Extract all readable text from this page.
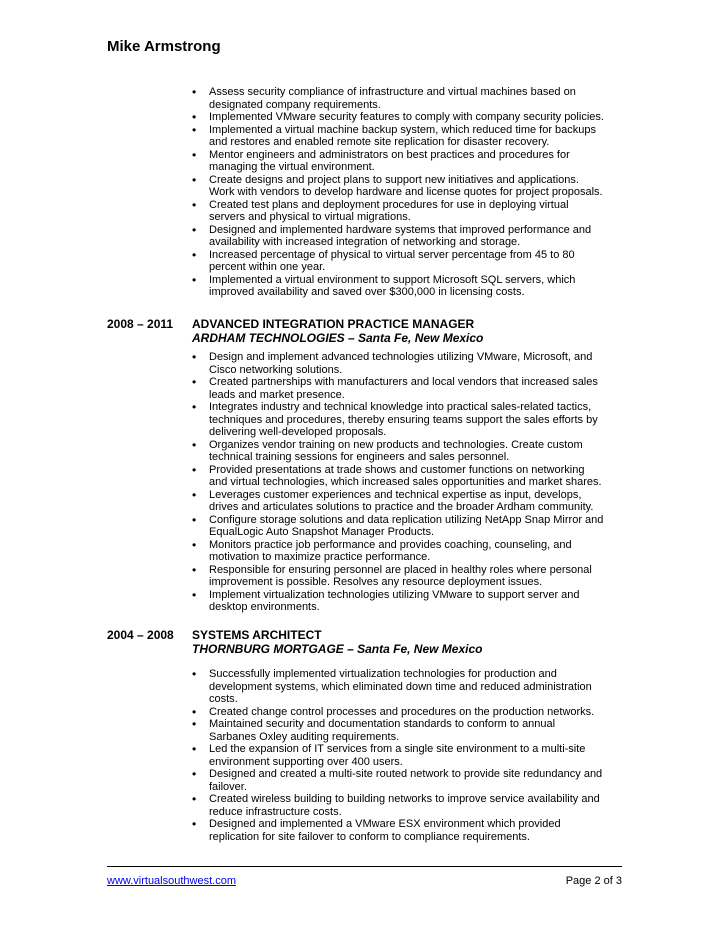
Mike Armstrong
• Assess security compliance of infrastructure and virtual machines based on designated company requirements.
• Implemented VMware security features to comply with company security policies.
• Implemented a virtual machine backup system, which reduced time for backups and restores and enabled remote site replication for disaster recovery.
• Mentor engineers and administrators on best practices and procedures for managing the virtual environment.
• Create designs and project plans to support new initiatives and applications. Work with vendors to develop hardware and license quotes for project proposals.
• Created test plans and deployment procedures for use in deploying virtual servers and physical to virtual migrations.
• Designed and implemented hardware systems that improved performance and availability with increased integration of networking and storage.
• Increased percentage of physical to virtual server percentage from 45 to 80 percent within one year.
• Implemented a virtual environment to support Microsoft SQL servers, which improved availability and saved over $300,000 in licensing costs.
2008 – 2011 ADVANCED INTEGRATION PRACTICE MANAGER
ARDHAM TECHNOLOGIES – Santa Fe, New Mexico
• Design and implement advanced technologies utilizing VMware, Microsoft, and Cisco networking solutions.
• Created partnerships with manufacturers and local vendors that increased sales leads and market presence.
• Integrates industry and technical knowledge into practical sales-related tactics, techniques and procedures, thereby ensuring teams support the sales efforts by delivering well-developed proposals.
• Organizes vendor training on new products and technologies. Create custom technical training sessions for engineers and sales personnel.
• Provided presentations at trade shows and customer functions on networking and virtual technologies, which increased sales opportunities and market shares.
• Leverages customer experiences and technical expertise as input, develops, drives and articulates solutions to practice and the broader Ardham community.
• Configure storage solutions and data replication utilizing NetApp Snap Mirror and EqualLogic Auto Snapshot Manager Products.
• Monitors practice job performance and provides coaching, counseling, and motivation to maximize practice performance.
• Responsible for ensuring personnel are placed in healthy roles where personal improvement is possible. Resolves any resource deployment issues.
• Implement virtualization technologies utilizing VMware to support server and desktop environments.
2004 – 2008 SYSTEMS ARCHITECT
THORNBURG MORTGAGE – Santa Fe, New Mexico
• Successfully implemented virtualization technologies for production and development systems, which eliminated down time and reduced administration costs.
• Created change control processes and procedures on the production networks.
• Maintained security and documentation standards to conform to annual Sarbanes Oxley auditing requirements.
• Led the expansion of IT services from a single site environment to a multi-site environment supporting over 400 users.
• Designed and created a multi-site routed network to provide site redundancy and failover.
• Created wireless building to building networks to improve service availability and reduce infrastructure costs.
• Designed and implemented a VMware ESX environment which provided replication for site failover to conform to compliance requirements.
www.virtualsouthwest.com	Page 2 of 3
